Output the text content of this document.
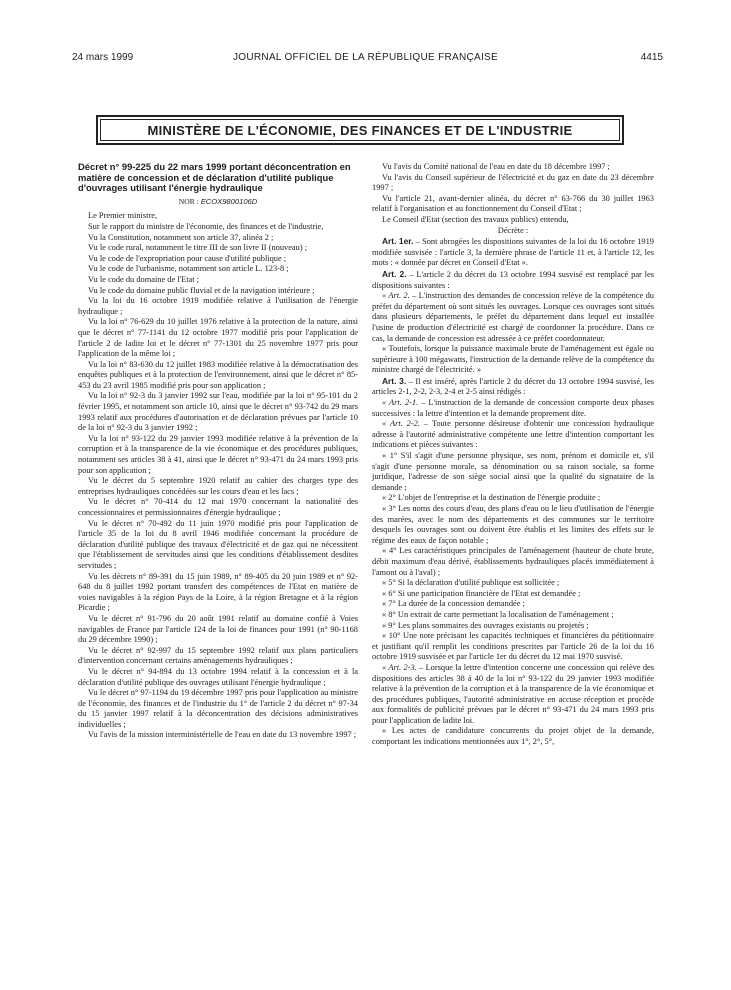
24 mars 1999	JOURNAL OFFICIEL DE LA RÉPUBLIQUE FRANÇAISE	4415
MINISTÈRE DE L'ÉCONOMIE, DES FINANCES ET DE L'INDUSTRIE

Décret n° 99-225 du 22 mars 1999 portant déconcentration en matière de concession et de déclaration d'utilité publique d'ouvrages utilisant l'énergie hydraulique

NOR : ECOX9800106D

Le Premier ministre,

Sur le rapport du ministre de l'économie, des finances et de l'industrie,

Vu la Constitution, notamment son article 37, alinéa 2 ;

Vu le code rural, notamment le titre III de son livre II (nouveau) ;

Vu le code de l'expropriation pour cause d'utilité publique ;

Vu le code de l'urbanisme, notamment son article L. 123-8 ;

Vu le code du domaine de l'Etat ;

Vu le code du domaine public fluvial et de la navigation intérieure ;

Vu la loi du 16 octobre 1919 modifiée relative à l'utilisation de l'énergie hydraulique ;

Vu la loi n° 76-629 du 10 juillet 1976 relative à la protection de la nature, ainsi que le décret n° 77-1141 du 12 octobre 1977 modifié pris pour l'application de l'article 2 de ladite loi et le décret n° 77-1301 du 25 novembre 1977 pris pour l'application de la même loi ;

Vu la loi n° 83-630 du 12 juillet 1983 modifiée relative à la démocratisation des enquêtes publiques et à la protection de l'environnement, ainsi que le décret n° 85-453 du 23 avril 1985 modifié pris pour son application ;

Vu la loi n° 92-3 du 3 janvier 1992 sur l'eau, modifiée par la loi n° 95-101 du 2 février 1995, et notamment son article 10, ainsi que le décret n° 93-742 du 29 mars 1993 relatif aux procédures d'autorisation et de déclaration prévues par l'article 10 de la loi n° 92-3 du 3 janvier 1992 ;

Vu la loi n° 93-122 du 29 janvier 1993 modifiée relative à la prévention de la corruption et à la transparence de la vie économique et des procédures publiques, notamment ses articles 38 à 41, ainsi que le décret n° 93-471 du 24 mars 1993 pris pour son application ;

Vu le décret du 5 septembre 1920 relatif au cahier des charges type des entreprises hydrauliques concédées sur les cours d'eau et les lacs ;

Vu le décret n° 70-414 du 12 mai 1970 concernant la nationalité des concessionnaires et permissionnaires d'énergie hydraulique ;

Vu le décret n° 70-492 du 11 juin 1970 modifié pris pour l'application de l'article 35 de la loi du 8 avril 1946 modifiée concernant la procédure de déclaration d'utilité publique des travaux d'électricité et de gaz qui ne nécessitent que l'établissement de servitudes ainsi que les conditions d'établissement desdites servitudes ;

Vu les décrets n° 89-391 du 15 juin 1989, n° 89-405 du 20 juin 1989 et n° 92-648 du 8 juillet 1992 portant transfert des compétences de l'Etat en matière de voies navigables à la région Pays de la Loire, à la région Bretagne et à la région Picardie ;

Vu le décret n° 91-796 du 20 août 1991 relatif au domaine confié à Voies navigables de France par l'article 124 de la loi de finances pour 1991 (n° 90-1168 du 29 décembre 1990) ;

Vu le décret n° 92-997 du 15 septembre 1992 relatif aux plans particuliers d'intervention concernant certains aménagements hydrauliques ;

Vu le décret n° 94-894 du 13 octobre 1994 relatif à la concession et à la déclaration d'utilité publique des ouvrages utilisant l'énergie hydraulique ;

Vu le décret n° 97-1194 du 19 décembre 1997 pris pour l'application au ministre de l'économie, des finances et de l'industrie du 1° de l'article 2 du décret n° 97-34 du 15 janvier 1997 relatif à la déconcentration des décisions administratives individuelles ;

Vu l'avis de la mission interministérielle de l'eau en date du 13 novembre 1997 ;

Vu l'avis du Comité national de l'eau en date du 18 décembre 1997 ;

Vu l'avis du Conseil supérieur de l'électricité et du gaz en date du 23 décembre 1997 ;

Vu l'article 21, avant-dernier alinéa, du décret n° 63-766 du 30 juillet 1963 relatif à l'organisation et au fonctionnement du Conseil d'Etat ;

Le Conseil d'Etat (section des travaux publics) entendu,

Décrète :

Art. 1er. – Sont abrogées les dispositions suivantes de la loi du 16 octobre 1919 modifiée susvisée : l'article 3, la dernière phrase de l'article 11 et, à l'article 12, les mots : « donnée par décret en Conseil d'Etat ».

Art. 2. – L'article 2 du décret du 13 octobre 1994 susvisé est remplacé par les dispositions suivantes :

« Art. 2. – L'instruction des demandes de concession relève de la compétence du préfet du département où sont situés les ouvrages. Lorsque ces ouvrages sont situés dans plusieurs départements, le préfet du département dans lequel est installée l'usine de production d'électricité est chargé de coordonner la procédure. Dans ce cas, la demande de concession est adressée à ce préfet coordonnateur.

« Toutefois, lorsque la puissance maximale brute de l'aménagement est égale ou supérieure à 100 mégawatts, l'instruction de la demande relève de la compétence du ministre chargé de l'électricité. »

Art. 3. – Il est inséré, après l'article 2 du décret du 13 octobre 1994 susvisé, les articles 2-1, 2-2, 2-3, 2-4 et 2-5 ainsi rédigés :

« Art. 2-1. – L'instruction de la demande de concession comporte deux phases successives : la lettre d'intention et la demande proprement dite.

« Art. 2-2. – Toute personne désireuse d'obtenir une concession hydraulique adresse à l'autorité administrative compétente une lettre d'intention comportant les indications et pièces suivantes :

« 1° S'il s'agit d'une personne physique, ses nom, prénom et domicile et, s'il s'agit d'une personne morale, sa dénomination ou sa raison sociale, sa forme juridique, l'adresse de son siège social ainsi que la qualité du signataire de la demande ;

« 2° L'objet de l'entreprise et la destination de l'énergie produite ;

« 3° Les noms des cours d'eau, des plans d'eau ou le lieu d'utilisation de l'énergie des marées, avec le nom des départements et des communes sur le territoire desquels les ouvrages sont ou doivent être établis et les limites des effets sur le régime des eaux de façon notable ;

« 4° Les caractéristiques principales de l'aménagement (hauteur de chute brute, débit maximum d'eau dérivé, établissements hydrauliques placés immédiatement à l'amont ou à l'aval) ;

« 5° Si la déclaration d'utilité publique est sollicitée ;

« 6° Si une participation financière de l'Etat est demandée ;

« 7° La durée de la concession demandée ;

« 8° Un extrait de carte permettant la localisation de l'aménagement ;

« 9° Les plans sommaires des ouvrages existants ou projetés ;

« 10° Une note précisant les capacités techniques et financières du pétitionnaire et justifiant qu'il remplit les conditions prescrites par l'article 26 de la loi du 16 octobre 1919 susvisée et par l'article 1er du décret du 12 mai 1970 susvisé.

« Art. 2-3. – Lorsque la lettre d'intention concerne une concession qui relève des dispositions des articles 38 à 40 de la loi n° 93-122 du 29 janvier 1993 modifiée relative à la prévention de la corruption et à la transparence de la vie économique et des procédures publiques, l'autorité administrative en accuse réception et procède aux formalités de publicité prévues par le décret n° 93-471 du 24 mars 1993 pris pour l'application de ladite loi.

« Les actes de candidature concurrents du projet objet de la demande, comportant les indications mentionnées aux 1°, 2°, 5°,
